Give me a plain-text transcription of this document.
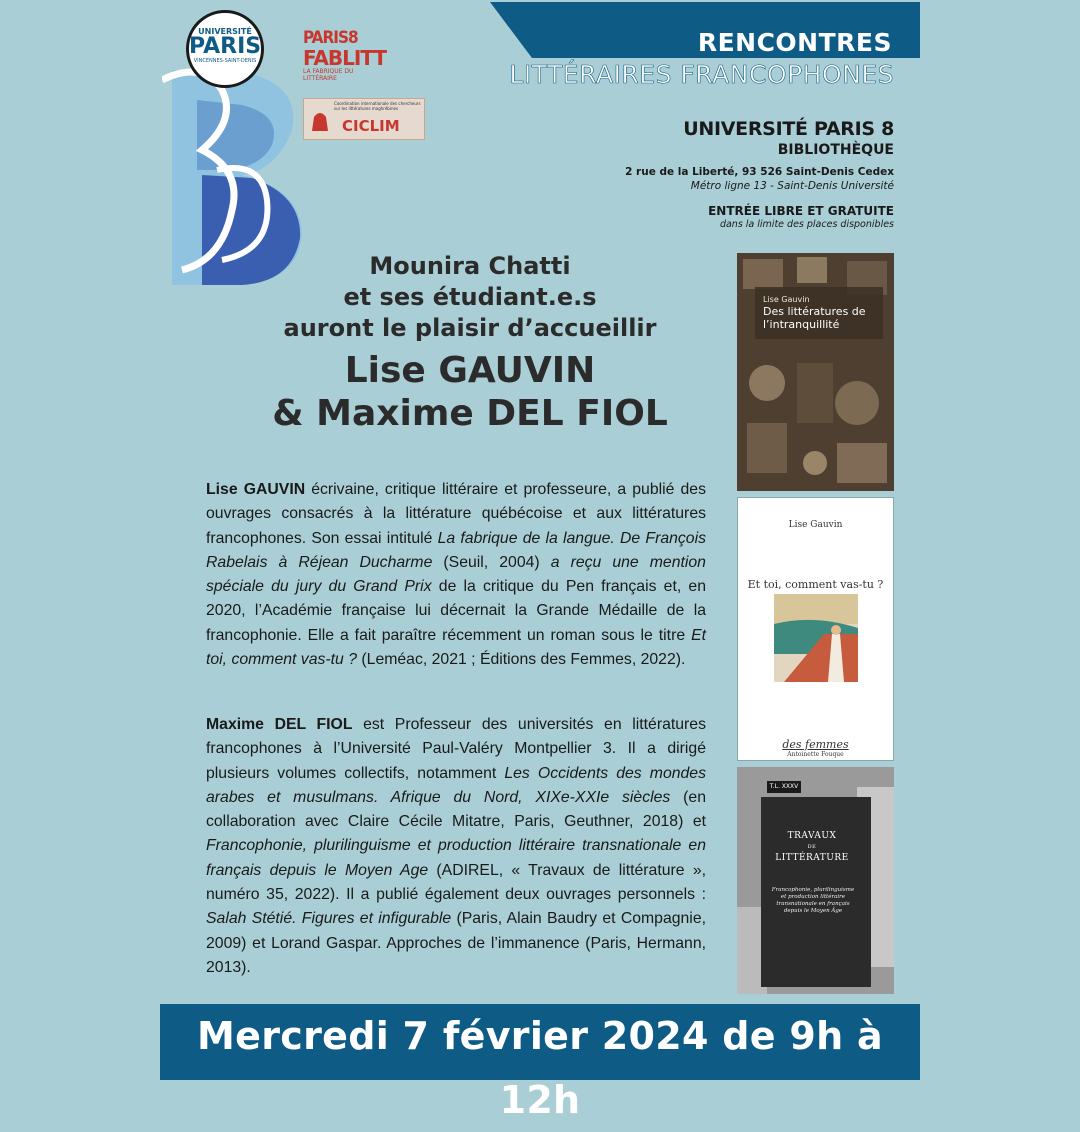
RENCONTRES
LITTÉRAIRES FRANCOPHONES
UNIVERSITÉ
PARIS
VINCENNES-SAINT-DENIS
PARIS8
FABLITT
LA FABRIQUE DU LITTÉRAIRE
Coordination internationale des chercheurs sur les littératures maghrébines
CICLIM	UNIVERSITÉ PARIS 8
BIBLIOTHÈQUE
2 rue de la Liberté, 93 526 Saint-Denis Cedex
Métro ligne 13 - Saint-Denis Université
ENTRÉE LIBRE ET GRATUITE
dans la limite des places disponibles
Mounira Chatti
et ses étudiant.e.s
auront le plaisir d’accueillir
Lise GAUVIN
& Maxime DEL FIOL
Lise GAUVIN écrivaine, critique littéraire et professeure, a publié des ouvrages consacrés à la littérature québécoise et aux littératures francophones. Son essai intitulé La fabrique de la langue. De François Rabelais à Réjean Ducharme (Seuil, 2004) a reçu une mention spéciale du jury du Grand Prix de la critique du Pen français et, en 2020, l’Académie française lui décernait la Grande Médaille de la francophonie. Elle a fait paraître récemment un roman sous le titre Et toi, comment vas-tu ? (Leméac, 2021 ; Éditions des Femmes, 2022).
Maxime DEL FIOL est Professeur des universités en littératures francophones à l’Université Paul-Valéry Montpellier 3. Il a dirigé plusieurs volumes collectifs, notamment Les Occidents des mondes arabes et musulmans. Afrique du Nord, XIXe-XXIe siècles (en collaboration avec Claire Cécile Mitatre, Paris, Geuthner, 2018) et Francophonie, plurilinguisme et production littéraire transnationale en français depuis le Moyen Age (ADIREL, « Travaux de littérature », numéro 35, 2022). Il a publié également deux ouvrages personnels : Salah Stétié. Figures et infigurable (Paris, Alain Baudry et Compagnie, 2009) et Lorand Gaspar. Approches de l’immanence (Paris, Hermann, 2013).
Lise Gauvin
Des littératures de l’intranquillité
Lise Gauvin
Et toi, comment vas-tu ?
des femmes
Antoinette Fouque
T.L. XXXV
TRAVAUX
DE
LITTÉRATURE
Francophonie, plurilinguisme et production littéraire transnationale en français depuis le Moyen Âge
Mercredi 7 février 2024 de 9h à 12h
